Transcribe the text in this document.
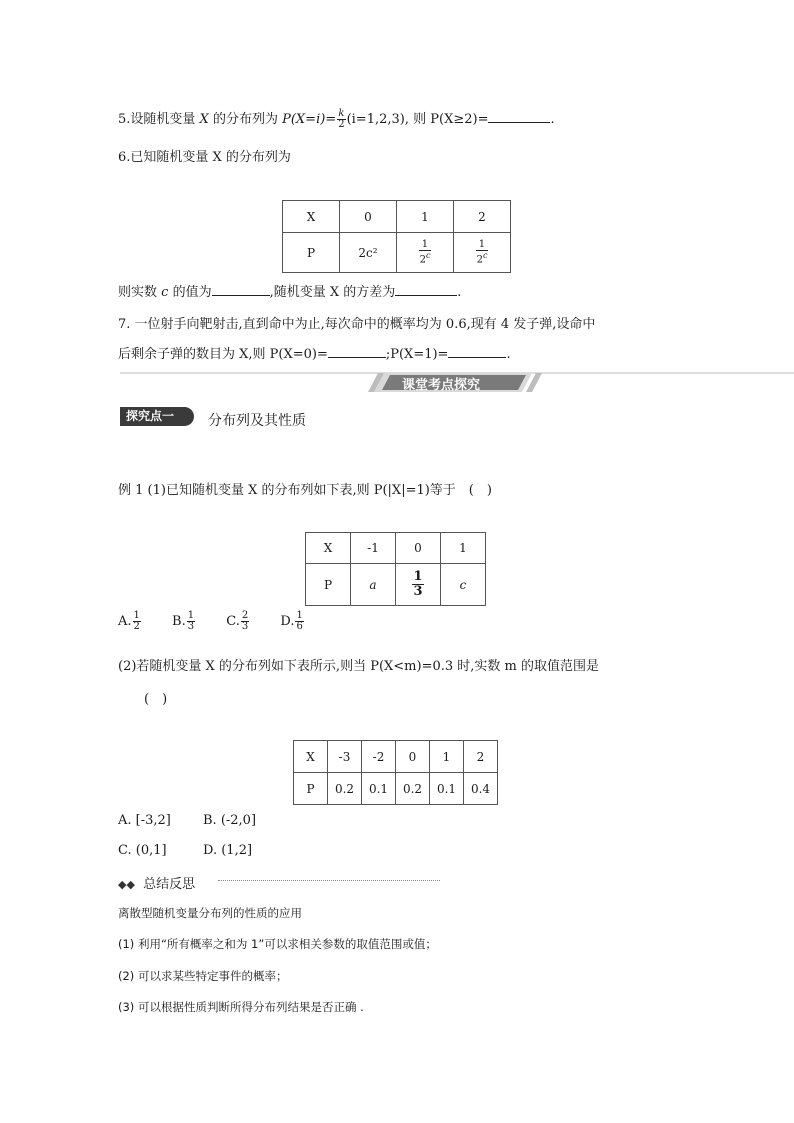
5.设随机变量 X 的分布列为 $P(X=i)= \frac{k}{2} (i=1,2,3)$, 则 P(X≥2)=	.
6.已知随机变量 X 的分布列为
X	0	1	2
P	2c²	$\frac{1}{2^c}$	$\frac{1}{2^c}$
则实数 c 的值为	,随机变量 X 的方差为	.
7. 一位射手向靶射击,直到命中为止,每次命中的概率均为 0.6,现有 4 发子弹,设命中
后剩余子弹的数目为 X,则 P(X=0)=	;P(X=1)=	.
课堂考点探究
探究点一	分布列及其性质
例 1 (1)已知随机变量 X 的分布列如下表,则 P(|X|=1)等于　(　)
X	-1	0	1
P	a	$\frac{1}{3}$	c
A. $\frac{1}{2} B$. $\frac{1}{3} C$. $\frac{2}{3} D$. $\frac{1}{6}$
(2)若随机变量 X 的分布列如下表所示,则当 P(X<m)=0.3 时,实数 m 的取值范围是
(　)
X	-3	-2	0	1	2
P	0.2	0.1	0.2	0.1	0.4
A. [-3,2] B. (-2,0]
C. (0,1]	D. (1,2]
◆◆ 总结反思
离散型随机变量分布列的性质的应用
(1) 利用“所有概率之和为 1”可以求相关参数的取值范围或值；
(2) 可以求某些特定事件的概率；
(3) 可以根据性质判断所得分布列结果是否正确 .
